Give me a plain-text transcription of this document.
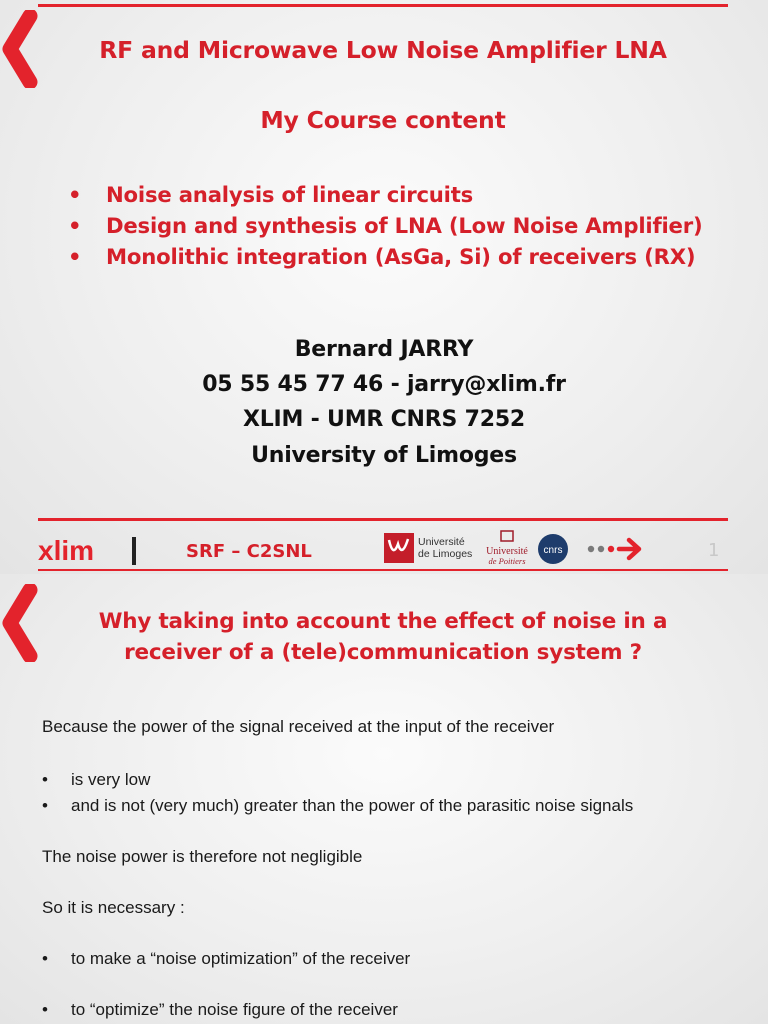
RF and Microwave Low Noise Amplifier LNA
My Course content
• Noise analysis of linear circuits
• Design and synthesis of LNA (Low Noise Amplifier)
• Monolithic integration (AsGa, Si) of receivers (RX)
Bernard JARRY
05 55 45 77 46 - jarry@xlim.fr
XLIM - UMR CNRS 7252
University of Limoges
xlim	SRF – C2SNL	Université
de Limoges Université
de Poitiers
cnrs	1
Why taking into account the effect of noise in a
receiver of a (tele)communication system ?
Because the power of the signal received at the input of the receiver
• is very low
• and is not (very much) greater than the power of the parasitic noise signals
The noise power is therefore not negligible
So it is necessary :
• to make a “noise optimization” of the receiver
• to “optimize” the noise figure of the receiver
